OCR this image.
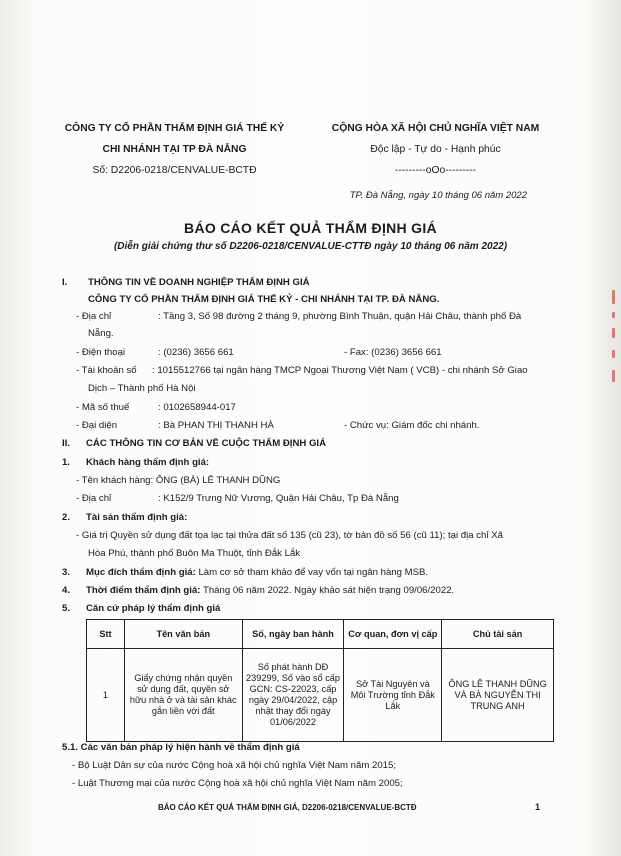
CÔNG TY CỔ PHẦN THẨM ĐỊNH GIÁ THẾ KỶ
CHI NHÁNH TẠI TP ĐÀ NẴNG
Số: D2206-0218/CENVALUE-BCTĐ
CỘNG HÒA XÃ HỘI CHỦ NGHĨA VIỆT NAM
Độc lập - Tự do - Hạnh phúc
---------oOo---------
TP. Đà Nẵng, ngày 10 tháng 06 năm 2022
BÁO CÁO KẾT QUẢ THẨM ĐỊNH GIÁ
(Diễn giải chứng thư số D2206-0218/CENVALUE-CTTĐ ngày 10 tháng 06 năm 2022)
I. THÔNG TIN VỀ DOANH NGHIỆP THẨM ĐỊNH GIÁ
CÔNG TY CỔ PHẦN THẨM ĐỊNH GIÁ THẾ KỶ - CHI NHÁNH TẠI TP. ĐÀ NẴNG.
- Địa chỉ	: Tầng 3, Số 98 đường 2 tháng 9, phường Bình Thuận, quận Hải Châu, thành phố Đà
Nẵng.
- Điện thoại	: (0236) 3656 661	- Fax: (0236) 3656 661
- Tài khoản số : 1015512766 tại ngân hàng TMCP Ngoại Thương Việt Nam ( VCB) - chi nhánh Sở Giao
Dịch – Thành phố Hà Nội
- Mã số thuế	: 0102658944-017
- Đại diện	: Bà PHAN THỊ THANH HÀ	- Chức vụ: Giám đốc chi nhánh.
II. CÁC THÔNG TIN CƠ BẢN VỀ CUỘC THẨM ĐỊNH GIÁ
1. Khách hàng thẩm định giá:
- Tên khách hàng: ÔNG (BÀ) LÊ THANH DŨNG
- Địa chỉ	: K152/9 Trưng Nữ Vương, Quận Hải Châu, Tp Đà Nẵng
2. Tài sản thẩm định giá:
- Giá trị Quyền sử dụng đất tọa lạc tại thửa đất số 135 (cũ 23), tờ bản đồ số 56 (cũ 11); tại địa chỉ Xã
Hòa Phú, thành phố Buôn Ma Thuột, tỉnh Đắk Lắk
3. Mục đích thẩm định giá: Làm cơ sở tham khảo để vay vốn tại ngân hàng MSB.
4. Thời điểm thẩm định giá: Tháng 06 năm 2022. Ngày khảo sát hiện trạng 09/06/2022.
5. Căn cứ pháp lý thẩm định giá
Stt	Tên văn bản	Số, ngày ban hành	Cơ quan, đơn vị cấp	Chủ tài sản
1	Giấy chứng nhận quyền sử dụng đất, quyền sở hữu nhà ở và tài sản khác gắn liền với đất	Số phát hành DĐ 239299, Số vào sổ cấp GCN: CS-22023, cấp ngày 29/04/2022, cập nhật thay đổi ngày 01/06/2022	Sở Tài Nguyên và Môi Trường tỉnh Đắk Lắk	ÔNG LÊ THANH DŨNG VÀ BÀ NGUYỄN THỊ TRUNG ANH
5.1. Các văn bản pháp lý hiện hành về thẩm định giá
- Bộ Luật Dân sự của nước Cộng hoà xã hội chủ nghĩa Việt Nam năm 2015;
- Luật Thương mại của nước Cộng hoà xã hội chủ nghĩa Việt Nam năm 2005;
BÁO CÁO KẾT QUẢ THẨM ĐỊNH GIÁ, D2206-0218/CENVALUE-BCTĐ	1
